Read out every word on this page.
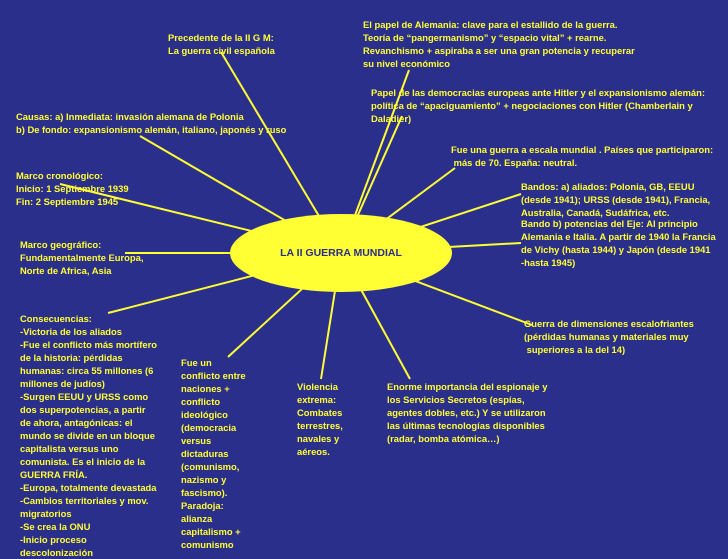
LA II GUERRA MUNDIAL
Precedente de la II G M:
La guerra civil española
El papel de Alemania: clave para el estallido de la guerra.
Teoría de “pangermanismo” y “espacio vital” + rearne.
Revanchismo + aspiraba a ser una gran potencia y recuperar
su nivel económico
Causas: a) Inmediata: invasión alemana de Polonia
b) De fondo: expansionismo alemán, italiano, japonés y ruso
Papel de las democracias europeas ante Hitler y el expansionismo alemán:
política de “apaciguamiento” + negociaciones con Hitler (Chamberlain y
Daladier)
Fue una guerra a escala mundial . Países que participaron:
más de 70. España: neutral.
Marco cronológico:
Inicio: 1 Septiembre 1939
Fin: 2 Septiembre 1945
Bandos: a) aliados: Polonia, GB, EEUU
(desde 1941); URSS (desde 1941), Francia,
Australia, Canadá, Sudáfrica, etc.
Marco geográfico:
Fundamentalmente Europa,
Norte de Africa, Asia
Bando b) potencias del Eje: Al principio
Alemania e Italia. A partir de 1940 la Francia
de Vichy (hasta 1944) y Japón (desde 1941
-hasta 1945)
Guerra de dimensiones escalofriantes
(pérdidas humanas y materiales muy
superiores a la del 14)
Consecuencias:
-Victoria de los aliados
-Fue el conflicto más mortífero
de la historia: pérdidas
humanas: circa 55 millones (6
millones de judíos)
-Surgen EEUU y URSS como
dos superpotencias, a partir
de ahora, antagónicas: el
mundo se divide en un bloque
capitalista versus uno
comunista. Es el inicio de la
GUERRA FRÍA.
-Europa, totalmente devastada
-Cambios territoriales y mov.
migratorios
-Se crea la ONU
-Inicio proceso
descolonización
Fue un
conflicto entre
naciones +
conflicto
ideológico
(democracia
versus
dictaduras
(comunismo,
nazismo y
fascismo).
Paradoja:
alianza
capitalismo +
comunismo
Violencia
extrema:
Combates
terrestres,
navales y
aéreos.
Enorme importancia del espionaje y
los Servicios Secretos (espías,
agentes dobles, etc.) Y se utilizaron
las últimas tecnologías disponibles
(radar, bomba atómica…)
